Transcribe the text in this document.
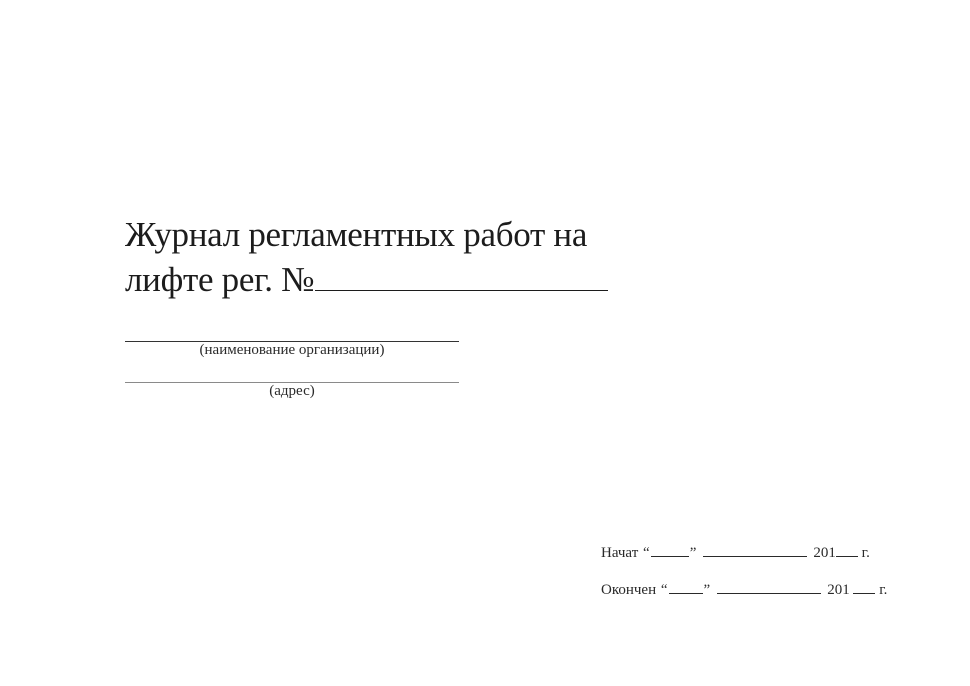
Журнал регламентных работ на
лифте рег. №
(наименование организации)
(адрес)
Начат “	”	201 г.
Окончен “ ”	201 г.
